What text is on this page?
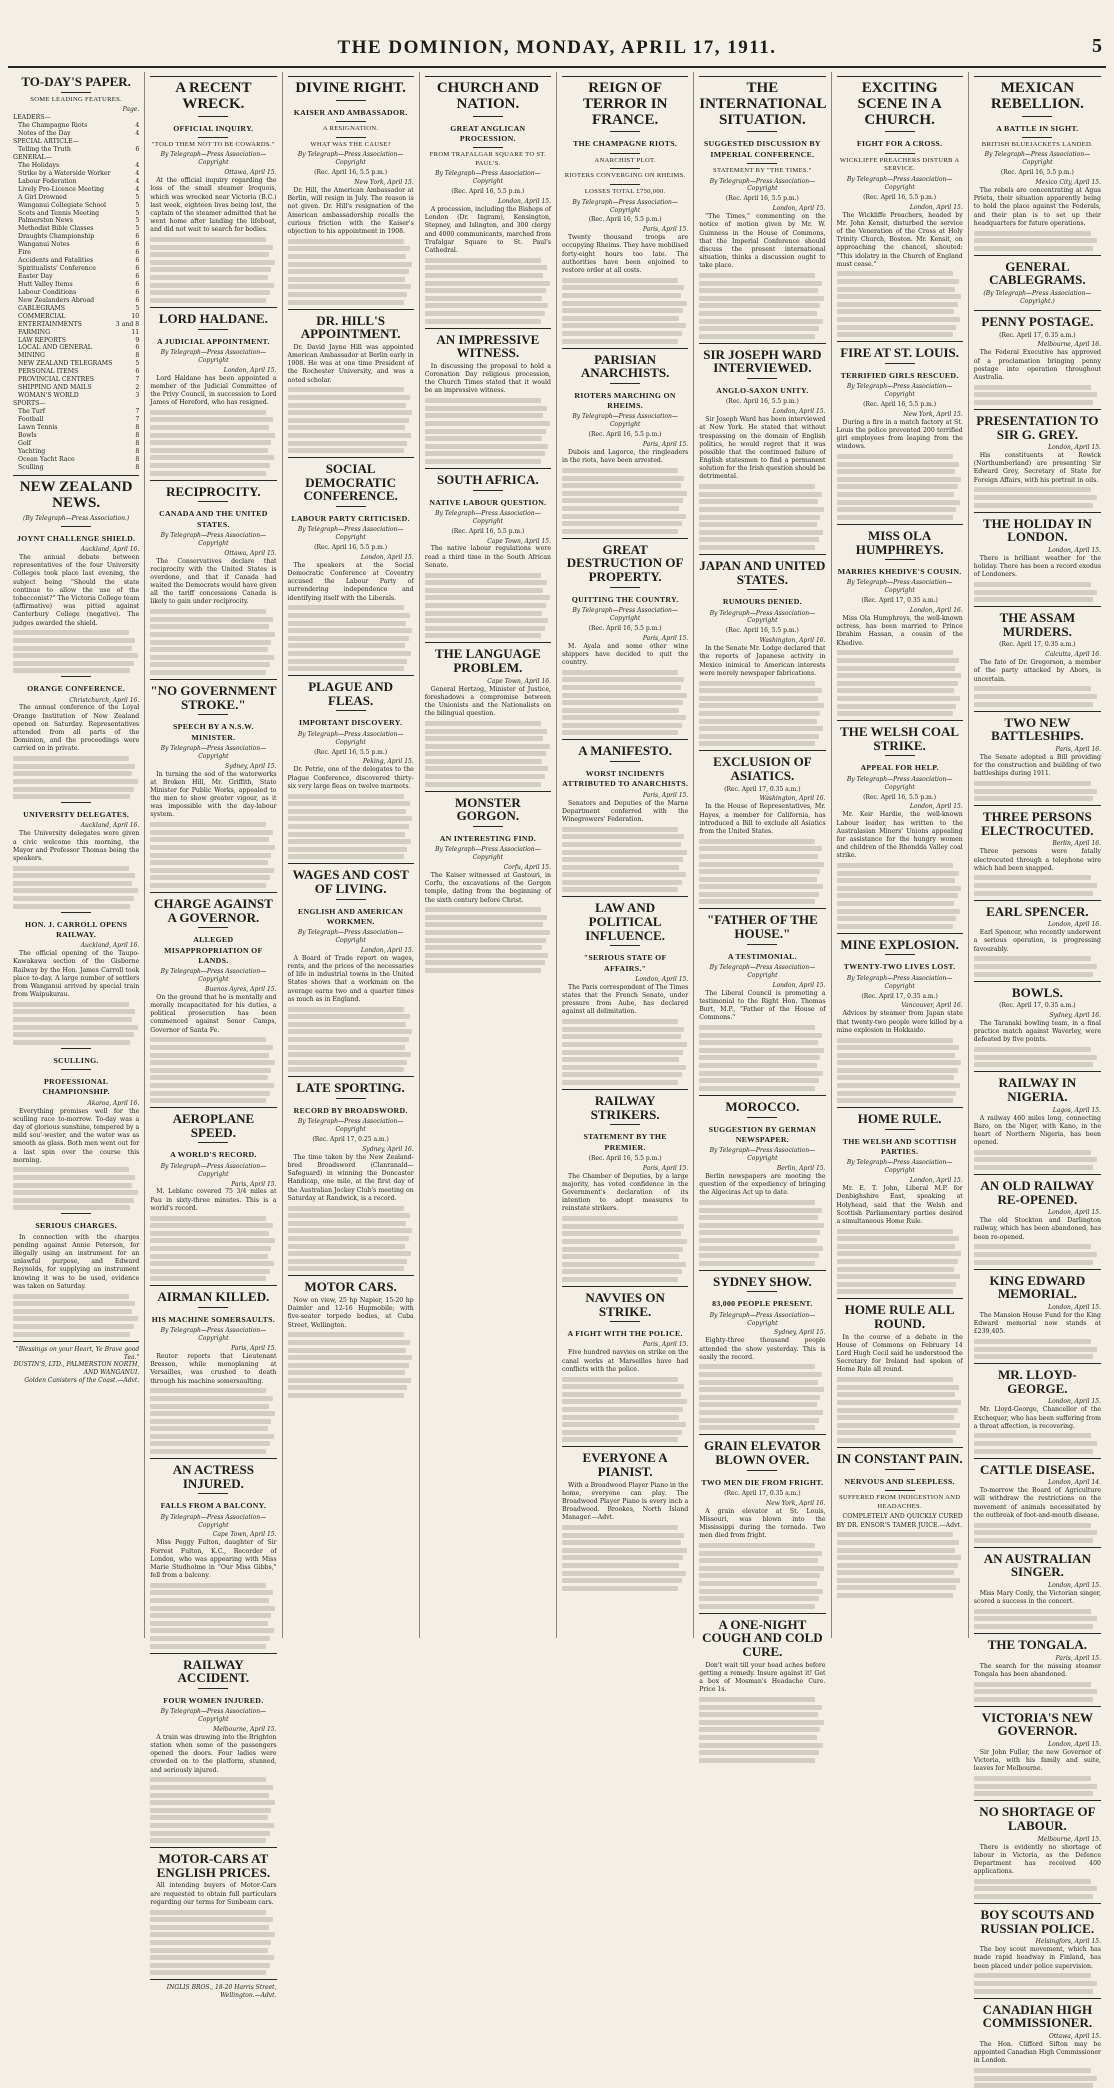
THE DOMINION, MONDAY, APRIL 17, 1911.	5
TO-DAY'S PAPER.
SOME LEADING FEATURES.
Page.
LEADERS—
The Champagne Riots	4
Notes of the Day	4
SPECIAL ARTICLE—
Telling the Truth	6
GENERAL—
The Holidays	4
Strike by a Waterside Worker	4
Labour Federation	4
Lively Pro-Licence Meeting	4
A Girl Drowned	5
Wanganui Collegiate School	5
Scots and Tennis Meeting	5
Palmerston News	5
Methodist Bible Classes	5
Draughts Championship	6
Wanganui Notes	6
Fire	6
Accidents and Fatalities	6
Spiritualists' Conference	6
Easter Day	6
Hutt Valley Items	6
Labour Conditions	6
New Zealanders Abroad	6
CABLEGRAMS	5
COMMERCIAL	10
ENTERTAINMENTS	3 and 8
FARMING	11
LAW REPORTS	9
LOCAL AND GENERAL	6
MINING	8
NEW ZEALAND TELEGRAMS	5
PERSONAL ITEMS	6
PROVINCIAL CENTRES	7
SHIPPING AND MAILS	2
WOMAN'S WORLD	3
SPORTS—
The Turf	7
Football	7
Lawn Tennis	8
Bowls	8
Golf	8
Yachting	8
Ocean Yacht Race	8
Sculling	8
NEW ZEALAND NEWS.
(By Telegraph—Press Association.)
JOYNT CHALLENGE SHIELD.
Auckland, April 16.

The annual debate between representatives of the four University Colleges took place last evening, the subject being "Should the state continue to allow the use of the tobacconist?" The Victoria College team (affirmative) was pitted against Canterbury College (negative). The judges awarded the shield.

ORANGE CONFERENCE.
Christchurch, April 16.

The annual conference of the Loyal Orange Institution of New Zealand opened on Saturday. Representatives attended from all parts of the Dominion, and the proceedings were carried on in private.

UNIVERSITY DELEGATES.
Auckland, April 16.

The University delegates were given a civic welcome this morning, the Mayor and Professor Thomas being the speakers.

HON. J. CARROLL OPENS RAILWAY.
Auckland, April 16.

The official opening of the Taupo-Kawakawa section of the Gisborne Railway by the Hon. James Carroll took place to-day. A large number of settlers from Wanganui arrived by special train from Waipukurau.

SCULLING.
PROFESSIONAL CHAMPIONSHIP.
Akaroa, April 16.

Everything promises well for the sculling race to-morrow. To-day was a day of glorious sunshine, tempered by a mild sou'-wester, and the water was as smooth as glass. Both men went out for a last spin over the course this morning.

SERIOUS CHARGES.

In connection with the charges pending against Annie Peterson, for illegally using an instrument for an unlawful purpose, and Edward Reynolds, for supplying an instrument knowing it was to be used, evidence was taken on Saturday.

"Blessings on your Heart, Ye Brave good Tea."
DUSTIN'S, LTD., PALMERSTON NORTH, AND WANGANUI.
Golden Canisters of the Coast.—Advt.
A RECENT WRECK.
OFFICIAL INQUIRY.
"TOLD THEM NOT TO BE COWARDS."
By Telegraph—Press Association—Copyright
Ottawa, April 15.

At the official inquiry regarding the loss of the small steamer Iroquois, which was wrecked near Victoria (B.C.) last week, eighteen lives being lost, the captain of the steamer admitted that he went home after landing the lifeboat, and did not wait to search for bodies.

LORD HALDANE.
A JUDICIAL APPOINTMENT.
By Telegraph—Press Association—Copyright
London, April 15.

Lord Haldane has been appointed a member of the Judicial Committee of the Privy Council, in succession to Lord James of Hereford, who has resigned.

RECIPROCITY.
CANADA AND THE UNITED STATES.
By Telegraph—Press Association—Copyright
Ottawa, April 15.

The Conservatives declare that reciprocity with the United States is overdone, and that if Canada had waited the Democrats would have given all the tariff concessions Canada is likely to gain under reciprocity.

"NO GOVERNMENT STROKE."
SPEECH BY A N.S.W. MINISTER.
By Telegraph—Press Association—Copyright
Sydney, April 15.

In turning the sod of the waterworks at Broken Hill, Mr. Griffith, State Minister for Public Works, appealed to the men to show greater vigour, as it was impossible with the day-labour system.

CHARGE AGAINST A GOVERNOR.
ALLEGED MISAPPROPRIATION OF LANDS.
By Telegraph—Press Association—Copyright
Buenos Ayres, April 15.

On the ground that he is mentally and morally incapacitated for his duties, a political prosecution has been commenced against Senor Camps, Governor of Santa Fe.

AEROPLANE SPEED.
A WORLD'S RECORD.
By Telegraph—Press Association—Copyright
Paris, April 15.

M. Leblanc covered 75 3/4 miles at Pau in sixty-three minutes. This is a world's record.

AIRMAN KILLED.
HIS MACHINE SOMERSAULTS.
By Telegraph—Press Association—Copyright
Paris, April 15.

Reuter reports that Lieutenant Bresson, while monoplaning at Versailles, was crushed to death through his machine somersaulting.

AN ACTRESS INJURED.
FALLS FROM A BALCONY.
By Telegraph—Press Association—Copyright
Cape Town, April 15.

Miss Peggy Fulton, daughter of Sir Forrest Fulton, K.C., Recorder of London, who was appearing with Miss Marie Studholme in "Our Miss Gibbs," fell from a balcony.

RAILWAY ACCIDENT.
FOUR WOMEN INJURED.
By Telegraph—Press Association—Copyright
Melbourne, April 15.

A train was drawing into the Brighton station when some of the passengers opened the doors. Four ladies were crowded on to the platform, stunned, and seriously injured.

MOTOR-CARS AT ENGLISH PRICES.

All intending buyers of Motor-Cars are requested to obtain full particulars regarding our terms for Sunbeam cars.

INGLIS BROS., 18-20 Harris Street, Wellington.—Advt.
DIVINE RIGHT.
KAISER AND AMBASSADOR.
A RESIGNATION.
WHAT WAS THE CAUSE?
By Telegraph—Press Association—Copyright
(Rec. April 16, 5.5 p.m.)
New York, April 15.

Dr. Hill, the American Ambassador at Berlin, will resign in July. The reason is not given. Dr. Hill's resignation of the American ambassadorship recalls the curious friction with the Kaiser's objection to his appointment in 1908.

DR. HILL'S APPOINTMENT.

Dr. David Jayne Hill was appointed American Ambassador at Berlin early in 1908. He was at one time President of the Rochester University, and was a noted scholar.

SOCIAL DEMOCRATIC CONFERENCE.
LABOUR PARTY CRITICISED.
By Telegraph—Press Association—Copyright
(Rec. April 16, 5.5 p.m.)
London, April 15.

The speakers at the Social Democratic Conference at Coventry accused the Labour Party of surrendering independence and identifying itself with the Liberals.

PLAGUE AND FLEAS.
IMPORTANT DISCOVERY.
By Telegraph—Press Association—Copyright
(Rec. April 16, 5.5 p.m.)
Peking, April 15.

Dr. Petrie, one of the delegates to the Plague Conference, discovered thirty-six very large fleas on twelve marmots.

WAGES AND COST OF LIVING.
ENGLISH AND AMERICAN WORKMEN.
By Telegraph—Press Association—Copyright
London, April 15.

A Board of Trade report on wages, rents, and the prices of the necessaries of life in industrial towns in the United States shows that a workman on the average earns two and a quarter times as much as in England.

LATE SPORTING.
RECORD BY BROADSWORD.
By Telegraph—Press Association—Copyright
(Rec. April 17, 0.25 a.m.)
Sydney, April 16.

The time taken by the New Zealand-bred Broadsword (Clanranald—Safeguard) in winning the Doncaster Handicap, one mile, at the first day of the Australian Jockey Club's meeting on Saturday at Randwick, is a record.

MOTOR CARS.

Now on view, 25 hp Napier, 15-20 hp Daimler and 12-16 Hupmobile; with five-seater torpedo bodies, at Cuba Street, Wellington.

CHURCH AND NATION.
GREAT ANGLICAN PROCESSION.
FROM TRAFALGAR SQUARE TO ST. PAUL'S.
By Telegraph—Press Association—Copyright
(Rec. April 16, 5.5 p.m.)
London, April 15.

A procession, including the Bishops of London (Dr. Ingram), Kensington, Stepney, and Islington, and 300 clergy and 4000 communicants, marched from Trafalgar Square to St. Paul's Cathedral.

AN IMPRESSIVE WITNESS.

In discussing the proposal to hold a Coronation Day religious procession, the Church Times stated that it would be an impressive witness.

SOUTH AFRICA.
NATIVE LABOUR QUESTION.
By Telegraph—Press Association—Copyright
(Rec. April 16, 5.5 p.m.)
Cape Town, April 15.

The native labour regulations were read a third time in the South African Senate.

THE LANGUAGE PROBLEM.
Cape Town, April 16.

General Hertzog, Minister of Justice, foreshadows a compromise between the Unionists and the Nationalists on the bilingual question.

MONSTER GORGON.
AN INTERESTING FIND.
By Telegraph—Press Association—Copyright
Corfu, April 15.

The Kaiser witnessed at Gastouri, in Corfu, the excavations of the Gorgon temple, dating from the beginning of the sixth century before Christ.

REIGN OF TERROR IN FRANCE.
THE CHAMPAGNE RIOTS.
ANARCHIST PLOT.
RIOTERS CONVERGING ON RHEIMS.
LOSSES TOTAL £750,000.
By Telegraph—Press Association—Copyright
(Rec. April 16, 5.5 p.m.)
Paris, April 15.

Twenty thousand troops are occupying Rheims. They have mobilised forty-eight hours too late. The authorities have been enjoined to restore order at all costs.

PARISIAN ANARCHISTS.
RIOTERS MARCHING ON RHEIMS.
By Telegraph—Press Association—Copyright
(Rec. April 16, 5.5 p.m.)
Paris, April 15.

Dubois and Lagorce, the ringleaders in the riots, have been arrested.

GREAT DESTRUCTION OF PROPERTY.
QUITTING THE COUNTRY.
By Telegraph—Press Association—Copyright
(Rec. April 16, 5.5 p.m.)
Paris, April 15.

M. Ayala and some other wine shippers have decided to quit the country.

A MANIFESTO.
WORST INCIDENTS ATTRIBUTED TO ANARCHISTS.
Paris, April 15.

Senators and Deputies of the Marne Department conferred with the Winegrowers' Federation.

LAW AND POLITICAL INFLUENCE.
"SERIOUS STATE OF AFFAIRS."
London, April 15.

The Paris correspondent of The Times states that the French Senate, under pressure from Aube, has declared against all delimitation.

RAILWAY STRIKERS.
STATEMENT BY THE PREMIER.
(Rec. April 16, 5.5 p.m.)
Paris, April 15.

The Chamber of Deputies, by a large majority, has voted confidence in the Government's declaration of its intention to adopt measures to reinstate strikers.

NAVVIES ON STRIKE.
A FIGHT WITH THE POLICE.
Paris, April 15.

Five hundred navvies on strike on the canal works at Marseilles have had conflicts with the police.

EVERYONE A PIANIST.

With a Broadwood Player Piano in the home, everyone can play. The Broadwood Player Piano is every inch a Broadwood. Brookes, North Island Manager.—Advt.

THE INTERNATIONAL SITUATION.
SUGGESTED DISCUSSION BY IMPERIAL CONFERENCE.
STATEMENT BY "THE TIMES."
By Telegraph—Press Association—Copyright
(Rec. April 16, 5.5 p.m.)
London, April 15.

"The Times," commenting on the notice of motion given by Mr. W. Guinness in the House of Commons, that the Imperial Conference should discuss the present international situation, thinks a discussion ought to take place.

SIR JOSEPH WARD INTERVIEWED.
ANGLO-SAXON UNITY.
(Rec. April 16, 5.5 p.m.)
London, April 15.

Sir Joseph Ward has been interviewed at New York. He stated that without trespassing on the domain of English politics, he would regret that it was possible that the continued failure of English statesmen to find a permanent solution for the Irish question should be detrimental.

JAPAN AND UNITED STATES.
RUMOURS DENIED.
By Telegraph—Press Association—Copyright
(Rec. April 16, 5.5 p.m.)
Washington, April 16.

In the Senate Mr. Lodge declared that the reports of Japanese activity in Mexico inimical to American interests were merely newspaper fabrications.

EXCLUSION OF ASIATICS.
(Rec. April 17, 0.35 a.m.)
Washington, April 16.

In the House of Representatives, Mr. Hayes, a member for California, has introduced a Bill to exclude all Asiatics from the United States.

"FATHER OF THE HOUSE."
A TESTIMONIAL.
By Telegraph—Press Association—Copyright
London, April 15.

The Liberal Council is promoting a testimonial to the Right Hon. Thomas Burt, M.P., "Father of the House of Commons."

MOROCCO.
SUGGESTION BY GERMAN NEWSPAPER.
By Telegraph—Press Association—Copyright
Berlin, April 15.

Berlin newspapers are mooting the question of the expediency of bringing the Algeciras Act up to date.

SYDNEY SHOW.
83,000 PEOPLE PRESENT.
By Telegraph—Press Association—Copyright
Sydney, April 15.

Eighty-three thousand people attended the show yesterday. This is easily the record.

GRAIN ELEVATOR BLOWN OVER.
TWO MEN DIE FROM FRIGHT.
(Rec. April 17, 0.35 a.m.)
New York, April 16.

A grain elevator at St. Louis, Missouri, was blown into the Mississippi during the tornado. Two men died from fright.

A ONE-NIGHT COUGH AND COLD CURE.

Don't wait till your head aches before getting a remedy. Insure against it! Get a box of Mosman's Headache Cure. Price 1s.

EXCITING SCENE IN A CHURCH.
FIGHT FOR A CROSS.
WICKLIFFE PREACHERS DISTURB A SERVICE.
By Telegraph—Press Association—Copyright
(Rec. April 16, 5.5 p.m.)
London, April 15.

The Wickliffe Preachers, headed by Mr. John Kensit, disturbed the service of the Veneration of the Cross at Holy Trinity Church, Boston. Mr. Kensit, on approaching the chancel, shouted: "This idolatry in the Church of England must cease."

FIRE AT ST. LOUIS.
TERRIFIED GIRLS RESCUED.
By Telegraph—Press Association—Copyright
(Rec. April 16, 5.5 p.m.)
New York, April 15.

During a fire in a match factory at St. Louis the police prevented 200 terrified girl employees from leaping from the windows.

MISS OLA HUMPHREYS.
MARRIES KHEDIVE'S COUSIN.
By Telegraph—Press Association—Copyright
(Rec. April 17, 0.35 a.m.)
London, April 16.

Miss Ola Humphreys, the well-known actress, has been married to Prince Ibrahim Hassan, a cousin of the Khedive.

THE WELSH COAL STRIKE.
APPEAL FOR HELP.
By Telegraph—Press Association—Copyright
(Rec. April 16, 5.5 p.m.)
London, April 15.

Mr. Keir Hardie, the well-known Labour leader, has written to the Australasian Miners' Unions appealing for assistance for the hungry women and children of the Rhondda Valley coal strike.

MINE EXPLOSION.
TWENTY-TWO LIVES LOST.
By Telegraph—Press Association—Copyright
(Rec. April 17, 0.35 a.m.)
Vancouver, April 16.

Advices by steamer from Japan state that twenty-two people were killed by a mine explosion in Hokkaido.

HOME RULE.
THE WELSH AND SCOTTISH PARTIES.
By Telegraph—Press Association—Copyright
London, April 15.

Mr. E. T. John, Liberal M.P. for Denbighshire East, speaking at Holyhead, said that the Welsh and Scottish Parliamentary parties desired a simultaneous Home Rule.

HOME RULE ALL ROUND.

In the course of a debate in the House of Commons on February 14 Lord Hugh Cecil said he understood the Secretary for Ireland had spoken of Home Rule all round.

IN CONSTANT PAIN.
NERVOUS AND SLEEPLESS.
SUFFERED FROM INDIGESTION AND HEADACHES.

COMPLETELY AND QUICKLY CURED BY DR. ENSOR'S TAMER JUICE.—Advt.

MEXICAN REBELLION.
A BATTLE IN SIGHT.
BRITISH BLUEJACKETS LANDED.
By Telegraph—Press Association—Copyright
(Rec. April 16, 5.5 p.m.)
Mexico City, April 15.

The rebels are concentrating at Agua Prieta, their situation apparently being to hold the place against the Federals, and their plan is to set up their headquarters for future operations.

GENERAL CABLEGRAMS.
(By Telegraph—Press Association—Copyright.)
PENNY POSTAGE.
(Rec. April 17, 0.35 a.m.)
Melbourne, April 16.

The Federal Executive has approved of a proclamation bringing penny postage into operation throughout Australia.

PRESENTATION TO SIR G. GREY.
London, April 15.

His constituents at Rowick (Northumberland) are presenting Sir Edward Grey, Secretary of State for Foreign Affairs, with his portrait in oils.

THE HOLIDAY IN LONDON.
London, April 15.

There is brilliant weather for the holiday. There has been a record exodus of Londoners.

THE ASSAM MURDERS.
(Rec. April 17, 0.35 a.m.)
Calcutta, April 16.

The fate of Dr. Gregorson, a member of the party attacked by Abors, is uncertain.

TWO NEW BATTLESHIPS.
Paris, April 16.

The Senate adopted a Bill providing for the construction and building of two battleships during 1911.

THREE PERSONS ELECTROCUTED.
Berlin, April 16.

Three persons were fatally electrocuted through a telephone wire which had been snapped.

EARL SPENCER.
London, April 16.

Earl Spencer, who recently underwent a serious operation, is progressing favourably.

BOWLS.
(Rec. April 17, 0.35 a.m.)
Sydney, April 16.

The Taranaki bowling team, in a final practice match against Waverley, were defeated by five points.

RAILWAY IN NIGERIA.
Lagos, April 15.

A railway 460 miles long, connecting Baro, on the Niger, with Kano, in the heart of Northern Nigeria, has been opened.

AN OLD RAILWAY RE-OPENED.
London, April 15.

The old Stockton and Darlington railway, which has been abandoned, has been re-opened.

KING EDWARD MEMORIAL.
London, April 15.

The Mansion House Fund for the King Edward memorial now stands at £239,405.

MR. LLOYD-GEORGE.
London, April 15.

Mr. Lloyd-George, Chancellor of the Exchequer, who has been suffering from a throat affection, is recovering.

CATTLE DISEASE.
London, April 14.

To-morrow the Board of Agriculture will withdraw the restrictions on the movement of animals necessitated by the outbreak of foot-and-mouth disease.

AN AUSTRALIAN SINGER.
London, April 15.

Miss Mary Conly, the Victorian singer, scored a success in the concert.

THE TONGALA.
Paris, April 15.

The search for the missing steamer Tongala has been abandoned.

VICTORIA'S NEW GOVERNOR.
London, April 15.

Sir John Fuller, the new Governor of Victoria, with his family and suite, leaves for Melbourne.

NO SHORTAGE OF LABOUR.
Melbourne, April 15.

There is evidently no shortage of labour in Victoria, as the Defence Department has received 400 applications.

BOY SCOUTS AND RUSSIAN POLICE.
Helsingfors, April 15.

The boy scout movement, which has made rapid headway in Finland, has been placed under police supervision.

CANADIAN HIGH COMMISSIONER.
Ottawa, April 15.

The Hon. Clifford Sifton may be appointed Canadian High Commissioner in London.
